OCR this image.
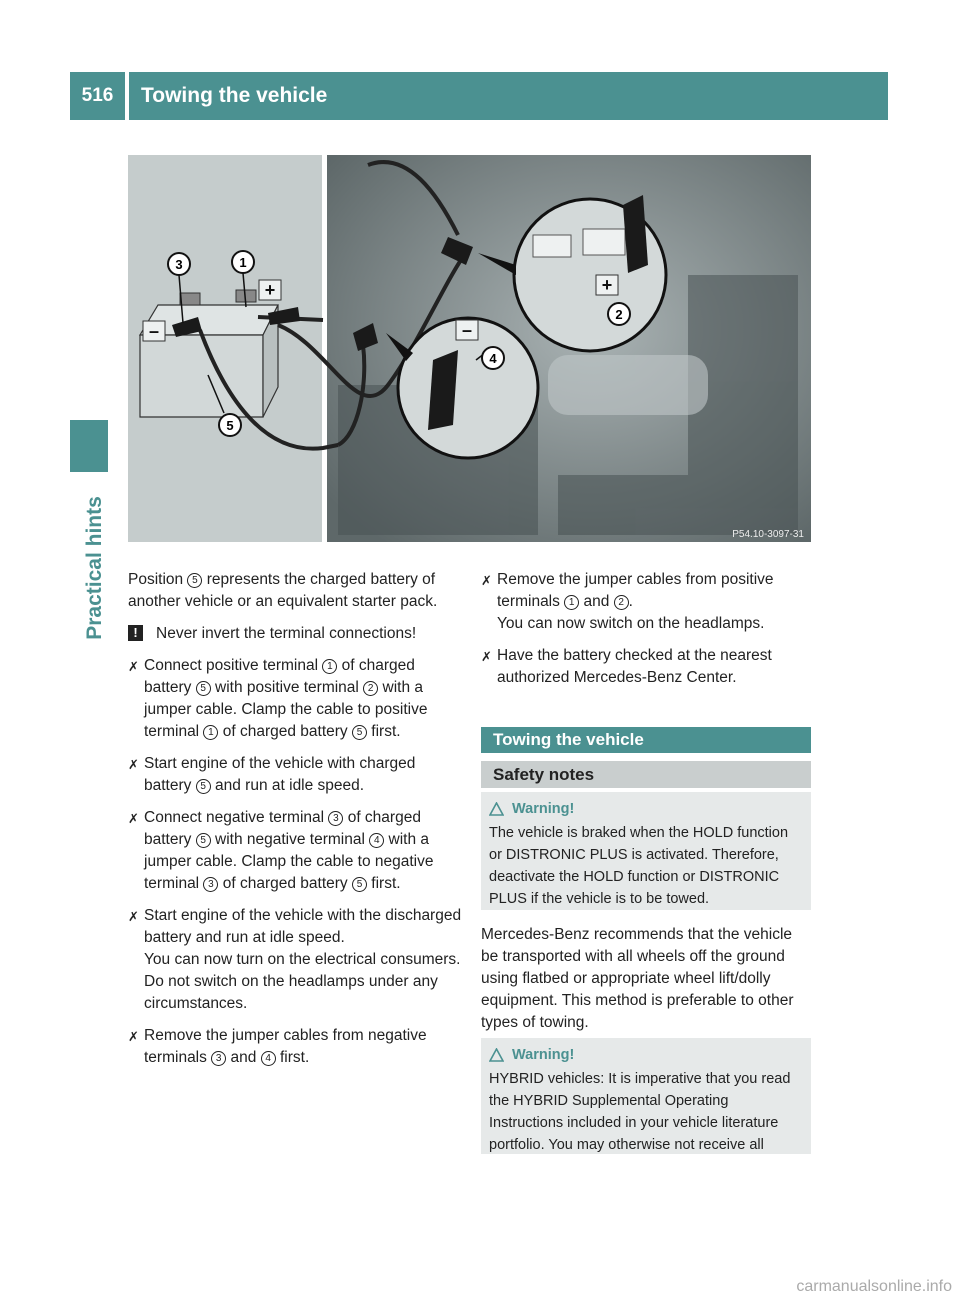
516	Towing the vehicle
Practical hints
+
–
+
–
3	1
2
4
5
P54.10-3097-31

Position 5 represents the charged battery of another vehicle or an equivalent starter pack.

!	Never invert the terminal connections!
✗ Connect positive terminal 1 of charged battery 5 with positive terminal 2 with a jumper cable. Clamp the cable to positive terminal 1 of charged battery 5 first.
✗ Start engine of the vehicle with charged battery 5 and run at idle speed.
✗ Connect negative terminal 3 of charged battery 5 with negative terminal 4 with a jumper cable. Clamp the cable to negative terminal 3 of charged battery 5 first.
✗ Start engine of the vehicle with the discharged battery and run at idle speed.
You can now turn on the electrical consumers. Do not switch on the headlamps under any circumstances.
✗ Remove the jumper cables from negative terminals 3 and 4 first.
✗ Remove the jumper cables from positive terminals 1 and 2 .
You can now switch on the headlamps.
✗ Have the battery checked at the nearest authorized Mercedes-Benz Center.
Towing the vehicle
Safety notes
Warning!
The vehicle is braked when the HOLD function or DISTRONIC PLUS is activated. Therefore, deactivate the HOLD function or DISTRONIC PLUS if the vehicle is to be towed.
Mercedes-Benz recommends that the vehicle be transported with all wheels off the ground using flatbed or appropriate wheel lift/dolly equipment. This method is preferable to other types of towing.
Warning!
HYBRID vehicles: It is imperative that you read the HYBRID Supplemental Operating Instructions included in your vehicle literature portfolio. You may otherwise not receive all
carmanualsonline.info
